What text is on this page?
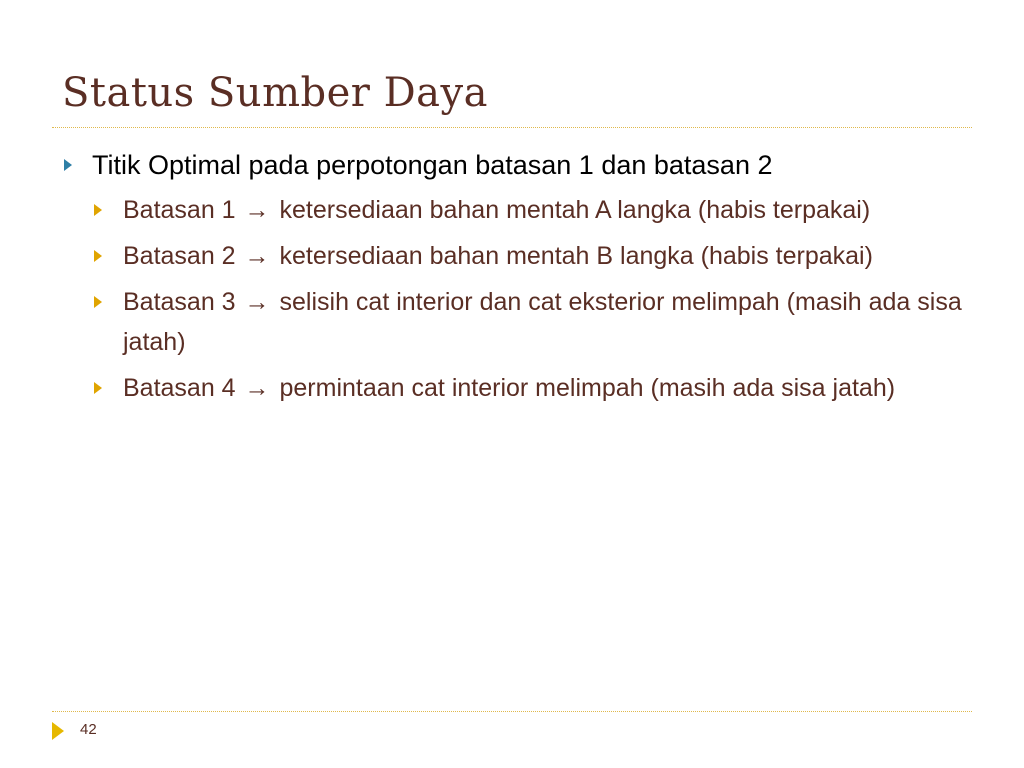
Status Sumber Daya
Titik Optimal pada perpotongan batasan 1 dan batasan 2
Batasan 1 → ketersediaan bahan mentah A langka (habis terpakai)
Batasan 2 → ketersediaan bahan mentah B langka (habis terpakai)
Batasan 3 → selisih cat interior dan cat eksterior melimpah (masih ada sisa jatah)
Batasan 4 → permintaan cat interior melimpah (masih ada sisa jatah)
42
